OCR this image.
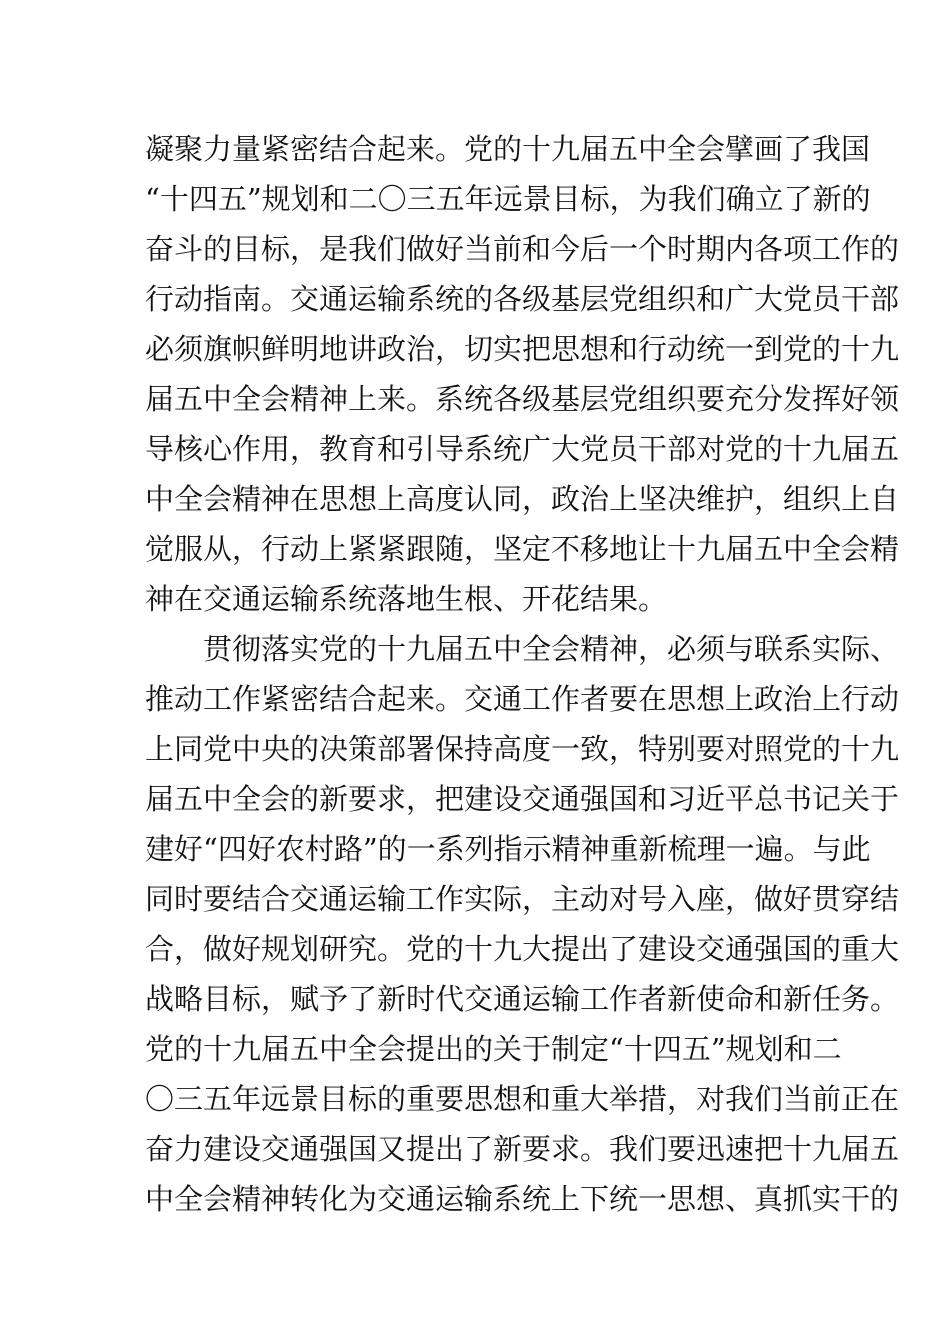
凝聚力量紧密结合起来。党的十九届五中全会擘画了我国
“十四五”规划和二〇三五年远景目标，为我们确立了新的
奋斗的目标，是我们做好当前和今后一个时期内各项工作的
行动指南。交通运输系统的各级基层党组织和广大党员干部
必须旗帜鲜明地讲政治，切实把思想和行动统一到党的十九
届五中全会精神上来。系统各级基层党组织要充分发挥好领
导核心作用，教育和引导系统广大党员干部对党的十九届五
中全会精神在思想上高度认同，政治上坚决维护，组织上自
觉服从，行动上紧紧跟随，坚定不移地让十九届五中全会精
神在交通运输系统落地生根、开花结果。
贯彻落实党的十九届五中全会精神，必须与联系实际、
推动工作紧密结合起来。交通工作者要在思想上政治上行动
上同党中央的决策部署保持高度一致，特别要对照党的十九
届五中全会的新要求，把建设交通强国和习近平总书记关于
建好“四好农村路”的一系列指示精神重新梳理一遍。与此
同时要结合交通运输工作实际，主动对号入座，做好贯穿结
合，做好规划研究。党的十九大提出了建设交通强国的重大
战略目标，赋予了新时代交通运输工作者新使命和新任务。
党的十九届五中全会提出的关于制定“十四五”规划和二
〇三五年远景目标的重要思想和重大举措，对我们当前正在
奋力建设交通强国又提出了新要求。我们要迅速把十九届五
中全会精神转化为交通运输系统上下统一思想、真抓实干的
